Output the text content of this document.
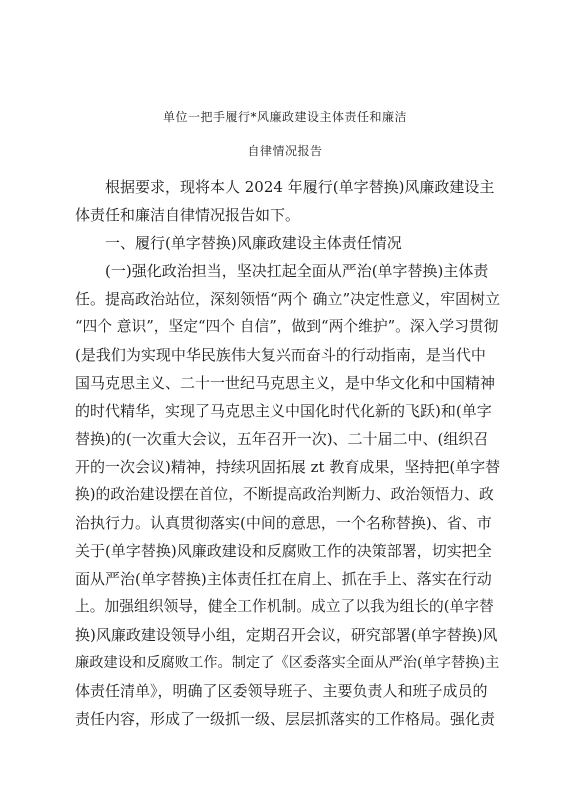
单位一把手履行*风廉政建设主体责任和廉洁
自律情况报告
根据要求，现将本人 2024 年履行(单字替换)风廉政建设主
体责任和廉洁自律情况报告如下。
一、履行(单字替换)风廉政建设主体责任情况
(一)强化政治担当，坚决扛起全面从严治(单字替换)主体责
任。提高政治站位，深刻领悟“两个 确立”决定性意义，牢固树立
“四个 意识”，坚定“四个 自信”，做到“两个维护”。深入学习贯彻
(是我们为实现中华民族伟大复兴而奋斗的行动指南，是当代中
国马克思主义、二十一世纪马克思主义，是中华文化和中国精神
的时代精华，实现了马克思主义中国化时代化新的飞跃)和(单字
替换)的(一次重大会议，五年召开一次)、二十届二中、(组织召
开的一次会议)精神，持续巩固拓展 zt 教育成果，坚持把(单字替
换)的政治建设摆在首位，不断提高政治判断力、政治领悟力、政
治执行力。认真贯彻落实(中间的意思，一个名称替换)、省、市
关于(单字替换)风廉政建设和反腐败工作的决策部署，切实把全
面从严治(单字替换)主体责任扛在肩上、抓在手上、落实在行动
上。加强组织领导，健全工作机制。成立了以我为组长的(单字替
换)风廉政建设领导小组，定期召开会议，研究部署(单字替换)风
廉政建设和反腐败工作。制定了《区委落实全面从严治(单字替换)主
体责任清单》，明确了区委领导班子、主要负责人和班子成员的
责任内容，形成了一级抓一级、层层抓落实的工作格局。强化责
